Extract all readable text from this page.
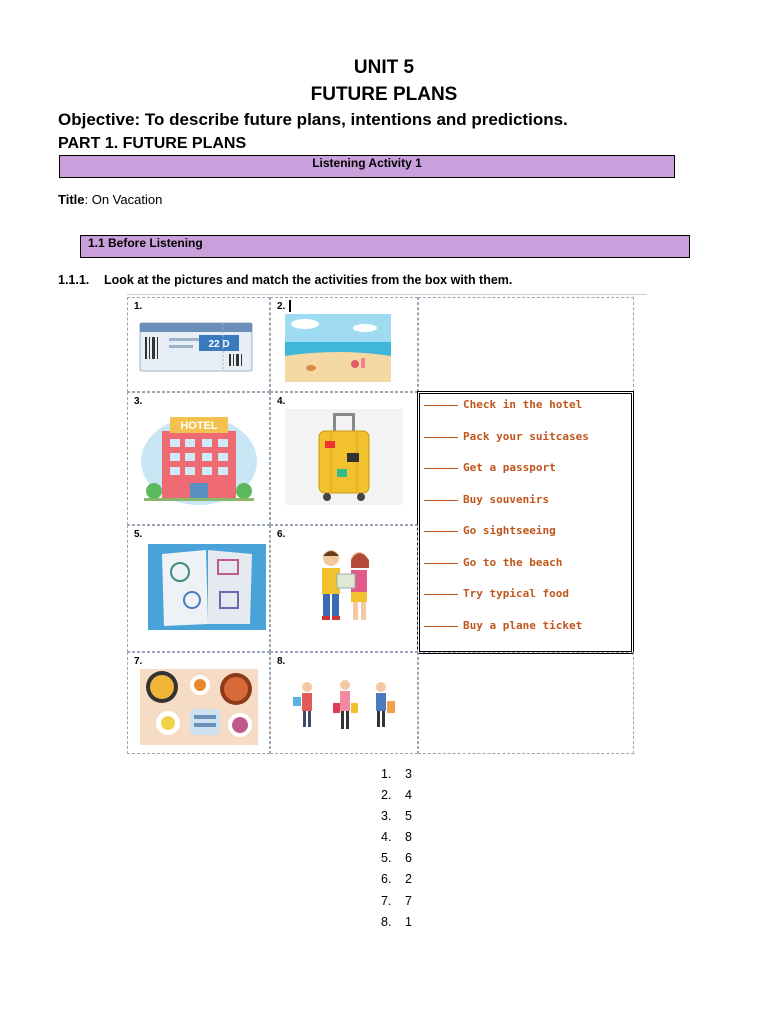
UNIT 5
FUTURE PLANS
Objective: To describe future plans, intentions and predictions.
PART 1. FUTURE PLANS
Listening Activity 1
Title: On Vacation
1.1 Before Listening
1.1.1. Look at the pictures and match the activities from the box with them.
1.
22 D
2.
3.
HOTEL
4.	Check in the hotel
Pack your suitcases
Get a passport
Buy souvenirs
Go sightseeing
Go to the beach
Try typical food
Buy a plane ticket
5.	6.
7.	8.
1. 3
2. 4
3. 5
4. 8
5. 6
6. 2
7. 7
8. 1
